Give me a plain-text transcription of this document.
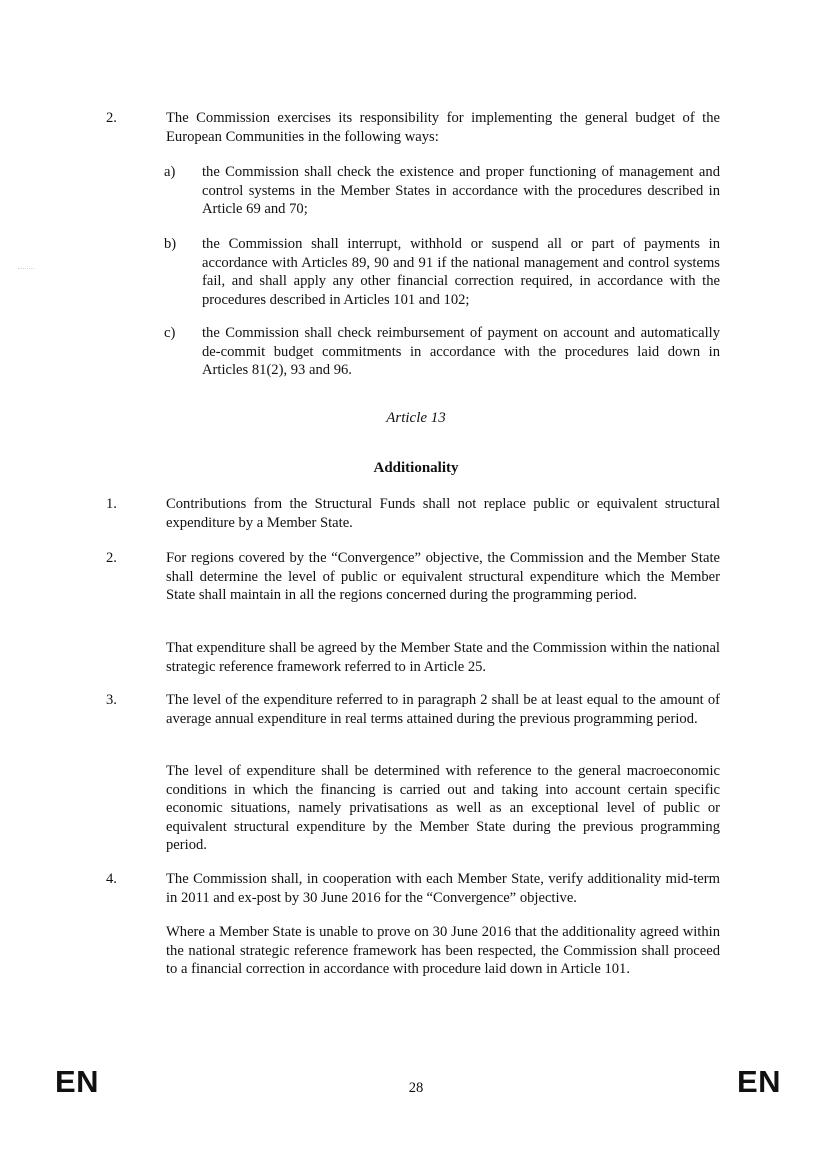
2.	The Commission exercises its responsibility for implementing the general budget of the European Communities in the following ways:
a) the Commission shall check the existence and proper functioning of management and control systems in the Member States in accordance with the procedures described in Article 69 and 70;
b) the Commission shall interrupt, withhold or suspend all or part of payments in accordance with Articles 89, 90 and 91 if the national management and control systems fail, and shall apply any other financial correction required, in accordance with the procedures described in Articles 101 and 102;
c) the Commission shall check reimbursement of payment on account and automatically de-commit budget commitments in accordance with the procedures laid down in Articles 81(2), 93 and 96.
Article 13
Additionality
1.	Contributions from the Structural Funds shall not replace public or equivalent structural expenditure by a Member State.
2.	For regions covered by the “Convergence” objective, the Commission and the Member State shall determine the level of public or equivalent structural expenditure which the Member State shall maintain in all the regions concerned during the programming period.
That expenditure shall be agreed by the Member State and the Commission within the national strategic reference framework referred to in Article 25.
3.	The level of the expenditure referred to in paragraph 2 shall be at least equal to the amount of average annual expenditure in real terms attained during the previous programming period.
The level of expenditure shall be determined with reference to the general macroeconomic conditions in which the financing is carried out and taking into account certain specific economic situations, namely privatisations as well as an exceptional level of public or equivalent structural expenditure by the Member State during the previous programming period.
4.	The Commission shall, in cooperation with each Member State, verify additionality mid-term in 2011 and ex-post by 30 June 2016 for the “Convergence” objective.
Where a Member State is unable to prove on 30 June 2016 that the additionality agreed within the national strategic reference framework has been respected, the Commission shall proceed to a financial correction in accordance with procedure laid down in Article 101.
EN	28	EN
